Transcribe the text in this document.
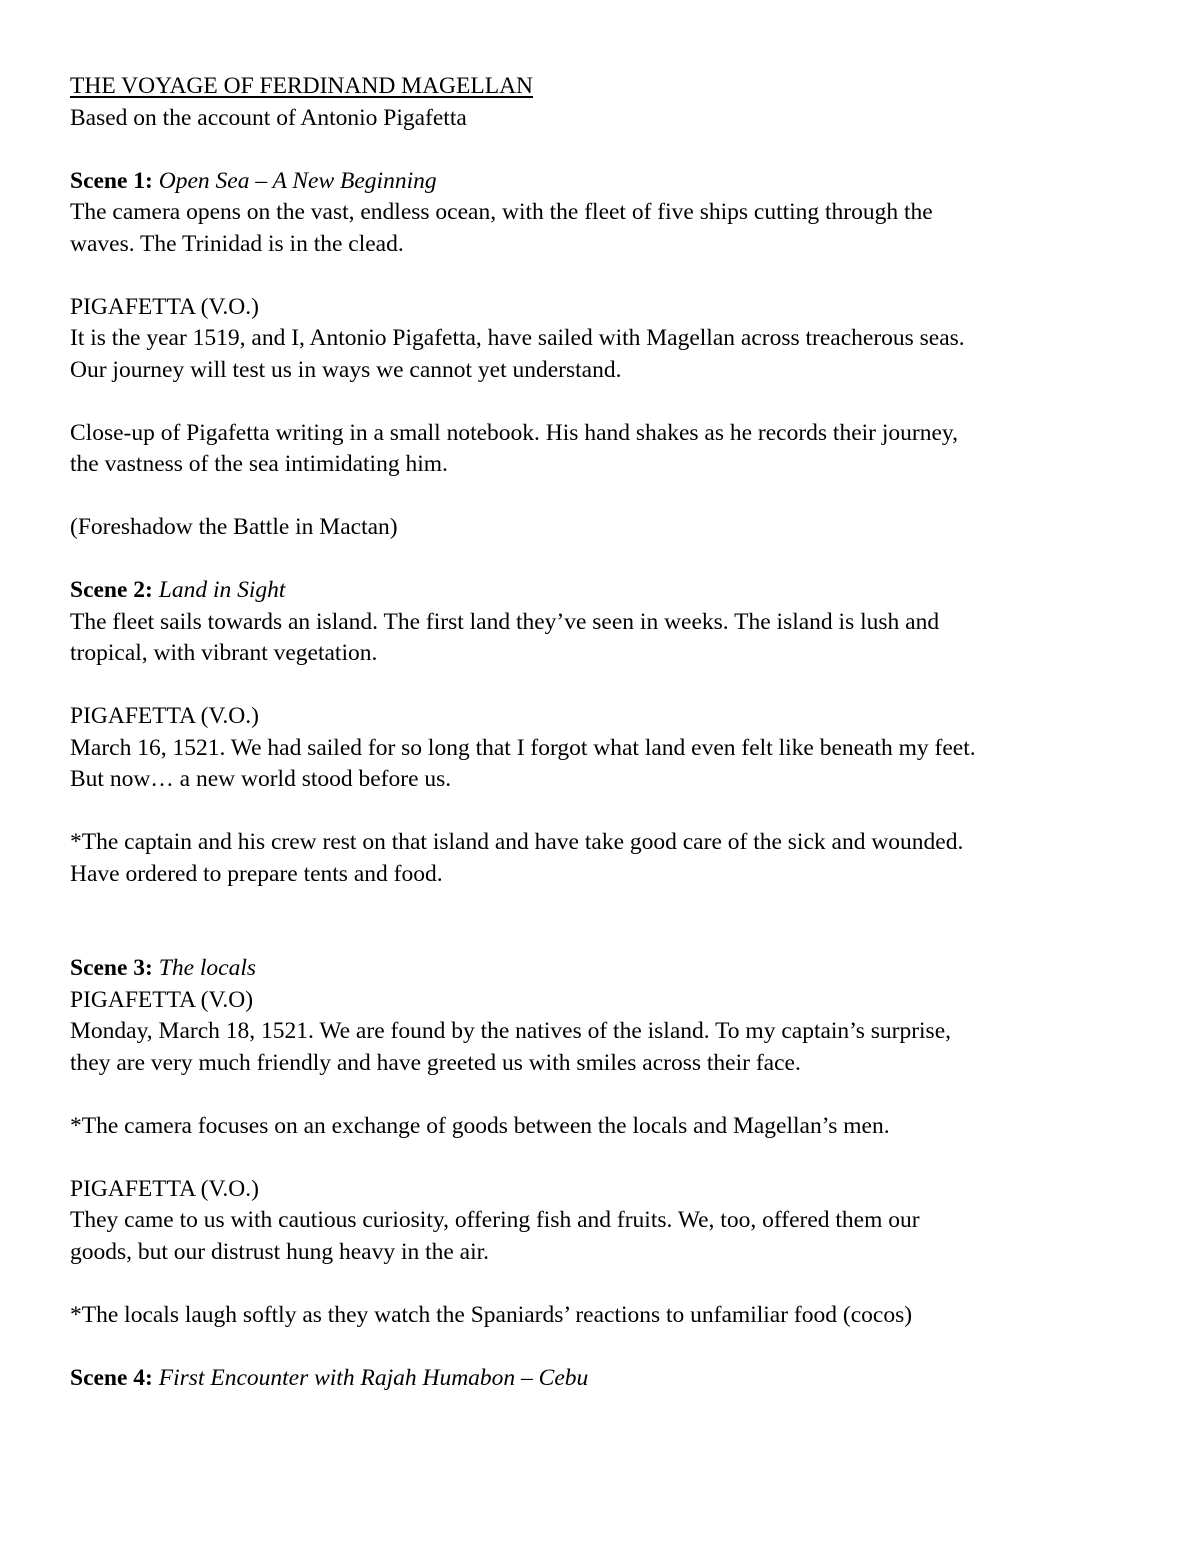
THE VOYAGE OF FERDINAND MAGELLAN
Based on the account of Antonio Pigafetta
Scene 1: Open Sea – A New Beginning
The camera opens on the vast, endless ocean, with the fleet of five ships cutting through the
waves. The Trinidad is in the clead.
PIGAFETTA (V.O.)
It is the year 1519, and I, Antonio Pigafetta, have sailed with Magellan across treacherous seas.
Our journey will test us in ways we cannot yet understand.
Close-up of Pigafetta writing in a small notebook. His hand shakes as he records their journey,
the vastness of the sea intimidating him.
(Foreshadow the Battle in Mactan)
Scene 2: Land in Sight
The fleet sails towards an island. The first land they’ve seen in weeks. The island is lush and
tropical, with vibrant vegetation.
PIGAFETTA (V.O.)
March 16, 1521. We had sailed for so long that I forgot what land even felt like beneath my feet.
But now… a new world stood before us.
*The captain and his crew rest on that island and have take good care of the sick and wounded.
Have ordered to prepare tents and food.
Scene 3: The locals
PIGAFETTA (V.O)
Monday, March 18, 1521. We are found by the natives of the island. To my captain’s surprise,
they are very much friendly and have greeted us with smiles across their face.
*The camera focuses on an exchange of goods between the locals and Magellan’s men.
PIGAFETTA (V.O.)
They came to us with cautious curiosity, offering fish and fruits. We, too, offered them our
goods, but our distrust hung heavy in the air.
*The locals laugh softly as they watch the Spaniards’ reactions to unfamiliar food (cocos)
Scene 4: First Encounter with Rajah Humabon – Cebu
